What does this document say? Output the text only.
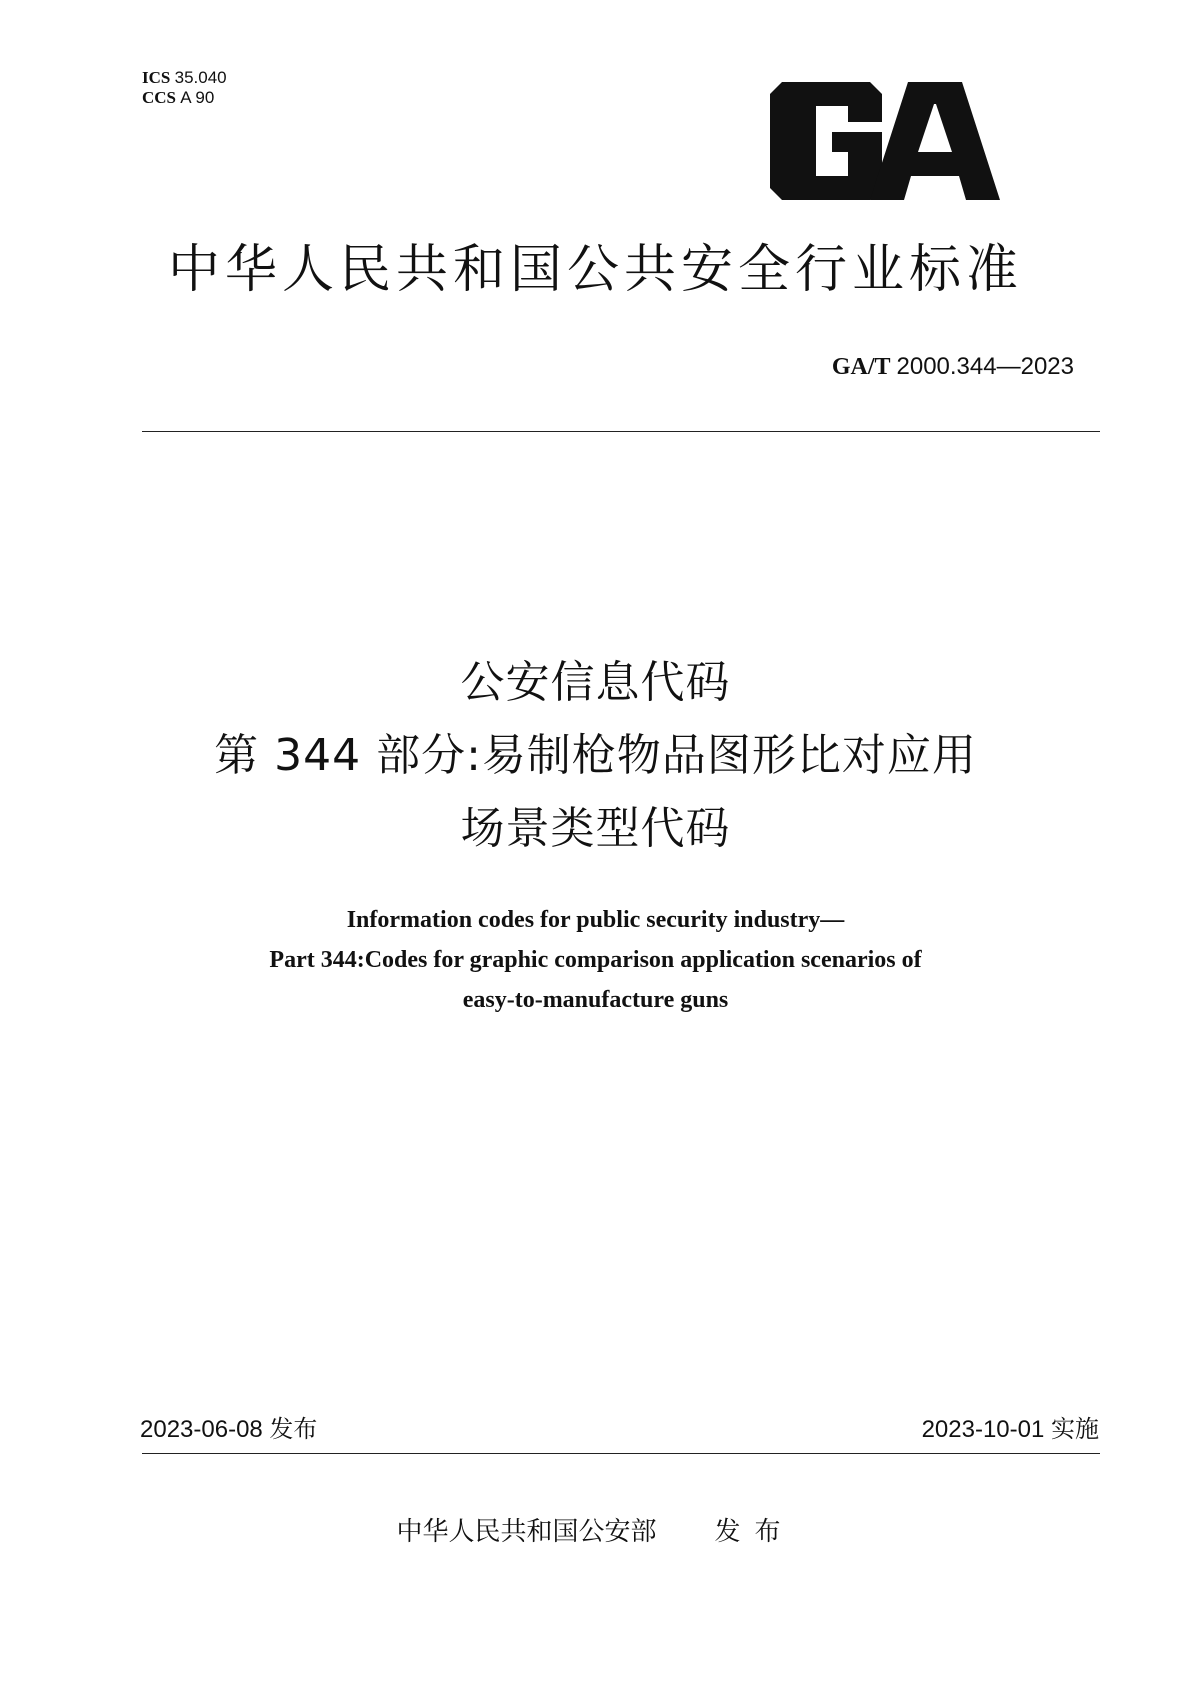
ICS 35.040
CCS A 90
中华人民共和国公共安全行业标准
GA/T 2000.344—2023
公安信息代码
第 344 部分:易制枪物品图形比对应用
场景类型代码
Information codes for public security industry—
Part 344:Codes for graphic comparison application scenarios of
easy-to-manufacture guns
2023-06-08 发布	2023-10-01 实施
中华人民共和国公安部 发布
